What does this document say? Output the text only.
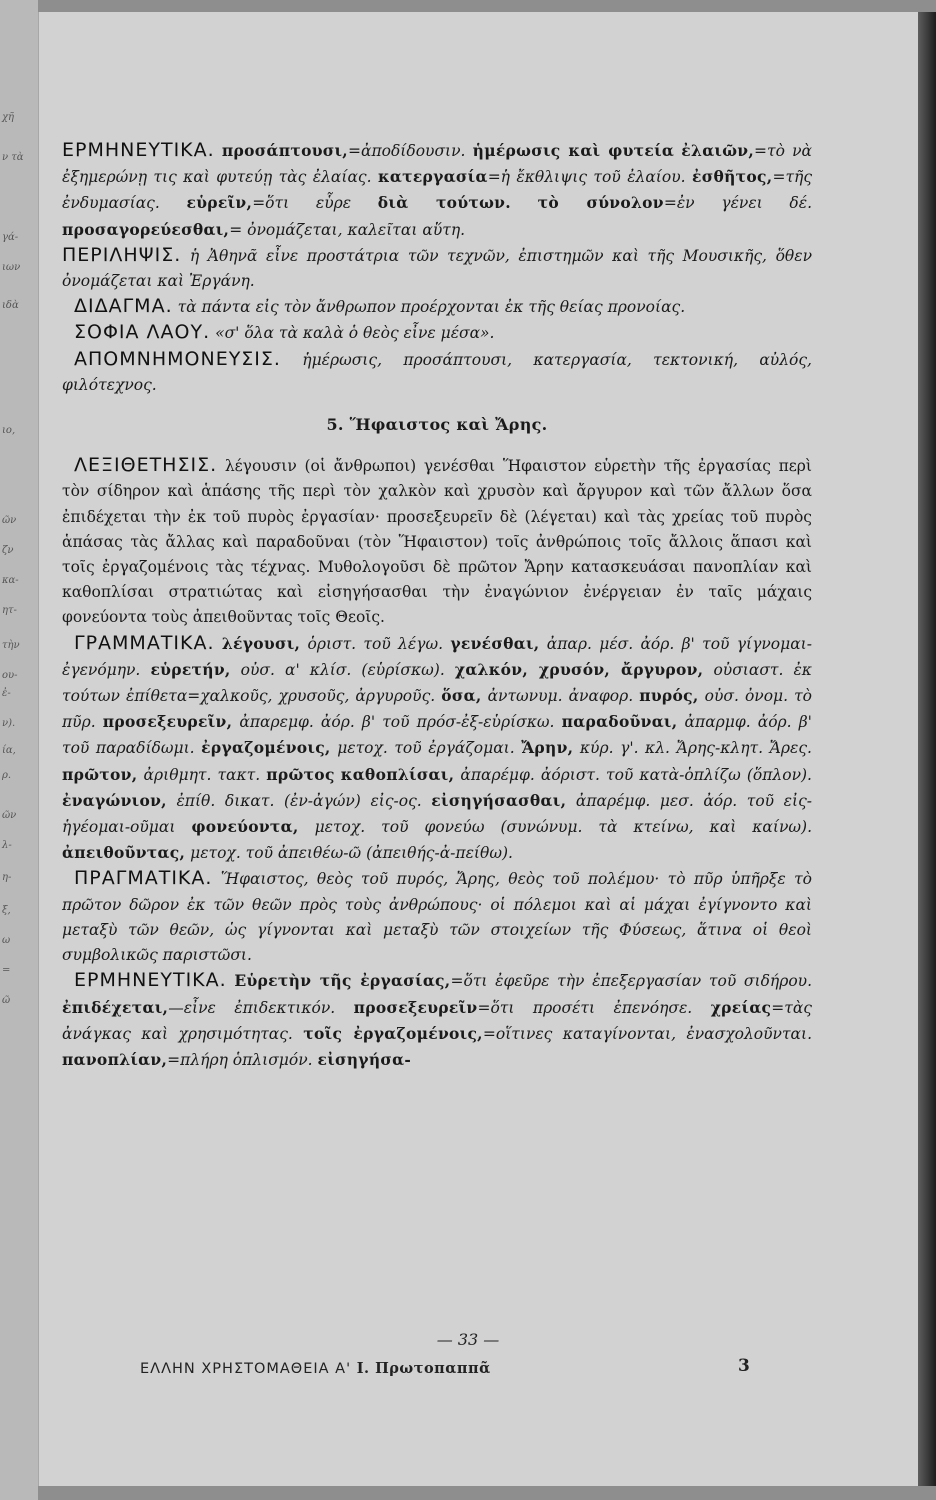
χῆ
ν τὰ
γά-
ιων
ιδὰ
ιο,
ῶν
ζν
κα-
ητ-
τὴν
ου-
ἐ-
ν).
ία,
ρ.
ῶν
λ-
η-
ξ,
ω
=
ῶ

ΕΡΜΗΝΕΥΤΙΚΑ. προσάπτουσι,=ἀποδίδουσιν. ἡμέρωσις καὶ φυτεία ἐλαιῶν,=τὸ νὰ ἐξημερώνῃ τις καὶ φυτεύῃ τὰς ἐλαίας. κατεργασία=ἡ ἔκθλιψις τοῦ ἐλαίου. ἐσθῆτος,=τῆς ἐνδυμασίας. εὑρεῖν,=ὅτι εὗρε διὰ τούτων. τὸ σύνολον=ἐν γένει δέ. προσαγορεύεσθαι,= ὀνομάζεται, καλεῖται αὕτη.

ΠΕΡΙΛΗΨΙΣ. ἡ Ἀθηνᾶ εἶνε προστάτρια τῶν τεχνῶν, ἐπιστημῶν καὶ τῆς Μουσικῆς, ὅθεν ὀνομάζεται καὶ Ἐργάνη.

ΔΙΔΑΓΜΑ. τὰ πάντα εἰς τὸν ἄνθρωπον προέρχονται ἐκ τῆς θείας προνοίας.

ΣΟΦΙΑ ΛΑΟΥ. «σ' ὅλα τὰ καλὰ ὁ θεὸς εἶνε μέσα».

ΑΠΟΜΝΗΜΟΝΕΥΣΙΣ. ἡμέρωσις, προσάπτουσι, κατεργασία, τεκτονική, αὐλός, φιλότεχνος.

5. Ἥφαιστος καὶ Ἄρης.

ΛΕΞΙΘΕΤΗΣΙΣ. λέγουσιν (οἱ ἄνθρωποι) γενέσθαι Ἥφαιστον εὑρετὴν τῆς ἐργασίας περὶ τὸν σίδηρον καὶ ἁπάσης τῆς περὶ τὸν χαλκὸν καὶ χρυσὸν καὶ ἄργυρον καὶ τῶν ἄλλων ὅσα ἐπιδέχεται τὴν ἐκ τοῦ πυρὸς ἐργασίαν· προσεξευρεῖν δὲ (λέγεται) καὶ τὰς χρείας τοῦ πυρὸς ἁπάσας τὰς ἄλλας καὶ παραδοῦναι (τὸν Ἥφαιστον) τοῖς ἀνθρώποις τοῖς ἄλλοις ἅπασι καὶ τοῖς ἐργαζομένοις τὰς τέχνας. Μυθολογοῦσι δὲ πρῶτον Ἄρην κατασκευάσαι πανοπλίαν καὶ καθοπλίσαι στρατιώτας καὶ εἰσηγήσασθαι τὴν ἐναγώνιον ἐνέργειαν ἐν ταῖς μάχαις φονεύοντα τοὺς ἀπειθοῦντας τοῖς Θεοῖς.

ΓΡΑΜΜΑΤΙΚΑ. λέγουσι, ὁριστ. τοῦ λέγω. γενέσθαι, ἀπαρ. μέσ. ἀόρ. β' τοῦ γίγνομαι-ἐγενόμην. εὑρετήν, οὐσ. α' κλίσ. (εὑρίσκω). χαλκόν, χρυσόν, ἄργυρον, οὐσιαστ. ἐκ τούτων ἐπίθετα=χαλκοῦς, χρυσοῦς, ἀργυροῦς. ὅσα, ἀντωνυμ. ἀναφορ. πυρός, οὐσ. ὀνομ. τὸ πῦρ. προσεξευρεῖν, ἀπαρεμφ. ἀόρ. β' τοῦ πρόσ-ἐξ-εὑρίσκω. παραδοῦναι, ἀπαρμφ. ἀόρ. β' τοῦ παραδίδωμι. ἐργαζομένοις, μετοχ. τοῦ ἐργάζομαι. Ἄρην, κύρ. γ'. κλ. Ἄρης-κλητ. Ἄρες. πρῶτον, ἀριθμητ. τακτ. πρῶτος καθοπλίσαι, ἀπαρέμφ. ἀόριστ. τοῦ κατὰ-ὁπλίζω (ὅπλον). ἐναγώνιον, ἐπίθ. δικατ. (ἐν-ἀγών) εἰς-ος. εἰσηγήσασθαι, ἀπαρέμφ. μεσ. ἀόρ. τοῦ εἰς-ἡγέομαι-οῦμαι φονεύοντα, μετοχ. τοῦ φονεύω (συνώνυμ. τὰ κτείνω, καὶ καίνω). ἀπειθοῦντας, μετοχ. τοῦ ἀπειθέω-ῶ (ἀπειθής-ἀ-πείθω).

ΠΡΑΓΜΑΤΙΚΑ. Ἥφαιστος, θεὸς τοῦ πυρός, Ἄρης, θεὸς τοῦ πολέμου· τὸ πῦρ ὑπῆρξε τὸ πρῶτον δῶρον ἐκ τῶν θεῶν πρὸς τοὺς ἀνθρώπους· οἱ πόλεμοι καὶ αἱ μάχαι ἐγίγνοντο καὶ μεταξὺ τῶν θεῶν, ὡς γίγνονται καὶ μεταξὺ τῶν στοιχείων τῆς Φύσεως, ἅτινα οἱ θεοὶ συμβολικῶς παριστῶσι.

ΕΡΜΗΝΕΥΤΙΚΑ. Εὑρετὴν τῆς ἐργασίας,=ὅτι ἐφεῦρε τὴν ἐπεξεργασίαν τοῦ σιδήρου. ἐπιδέχεται,—εἶνε ἐπιδεκτικόν. προσεξευρεῖν=ὅτι προσέτι ἐπενόησε. χρείας=τὰς ἀνάγκας καὶ χρησιμότητας. τοῖς ἐργαζομένοις,=οἵτινες καταγίνονται, ἐνασχολοῦνται. πανοπλίαν,=πλήρη ὁπλισμόν. εἰσηγήσα-

— 33 —
ΕΛΛΗΝ ΧΡΗΣΤΟΜΑΘΕΙΑ Α' Ι. Πρωτοπαππᾶ	3
